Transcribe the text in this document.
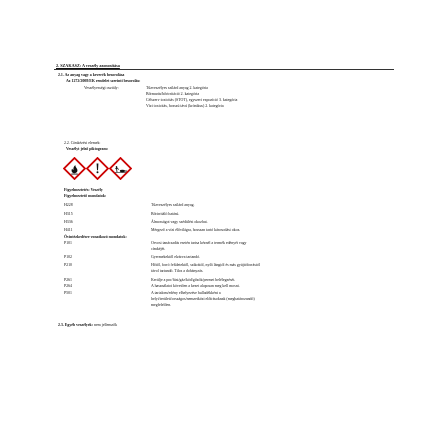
2. SZAKASZ: A veszély azonosítása
2.1. Az anyag vagy a keverék besorolása
Az 1272/2008/EK rendelet szerinti besorolás:
Veszélyességi osztály:	Tűzveszélyes szilárd anyag 2. kategória
Bőrmarás/bőrirritáció 2. kategória
Célszerv toxicitás (STOT), egyszeri expozíció 3. kategória
Vízi toxicitás, hosszú távú (krónikus) 2. kategória
2.2. Címkézési elemek:
Veszélyt jelző piktogram:
Figyelmeztetés: Veszély
Figyelmeztető mondatok:
H228	Tűzveszélyes szilárd anyag.
H315	Bőrirritáló hatású.
H336	Álmosságot vagy szédülést okozhat.
H411	Mérgező a vízi élővilágra, hosszan tartó károsodást okoz.
Óvintézkedésre vonatkozó mondatok:
P101	Orvosi tanácsadás esetén tartsa kéznél a termék edényét vagy
címkéjét.
P102	Gyermekektől elzárva tartandó.
P210	Hőtől, forró felületektől, szikrától, nyílt lángtól és más gyújtóforrástól
távol tartandó. Tilos a dohányzás.
P261	Kerülje a por/füst/gáz/köd/gőzök/permet belélegzését.
P264	A használatot követően a kezet alaposan meg kell mosni.
P501	A tartalom/edény elhelyezése hulladékként a
helyi/területi/országos/nemzetközi előírásoknak (meghatározandó)
megfelelően.
2.3. Egyéb veszélyek: nem jellemzők
